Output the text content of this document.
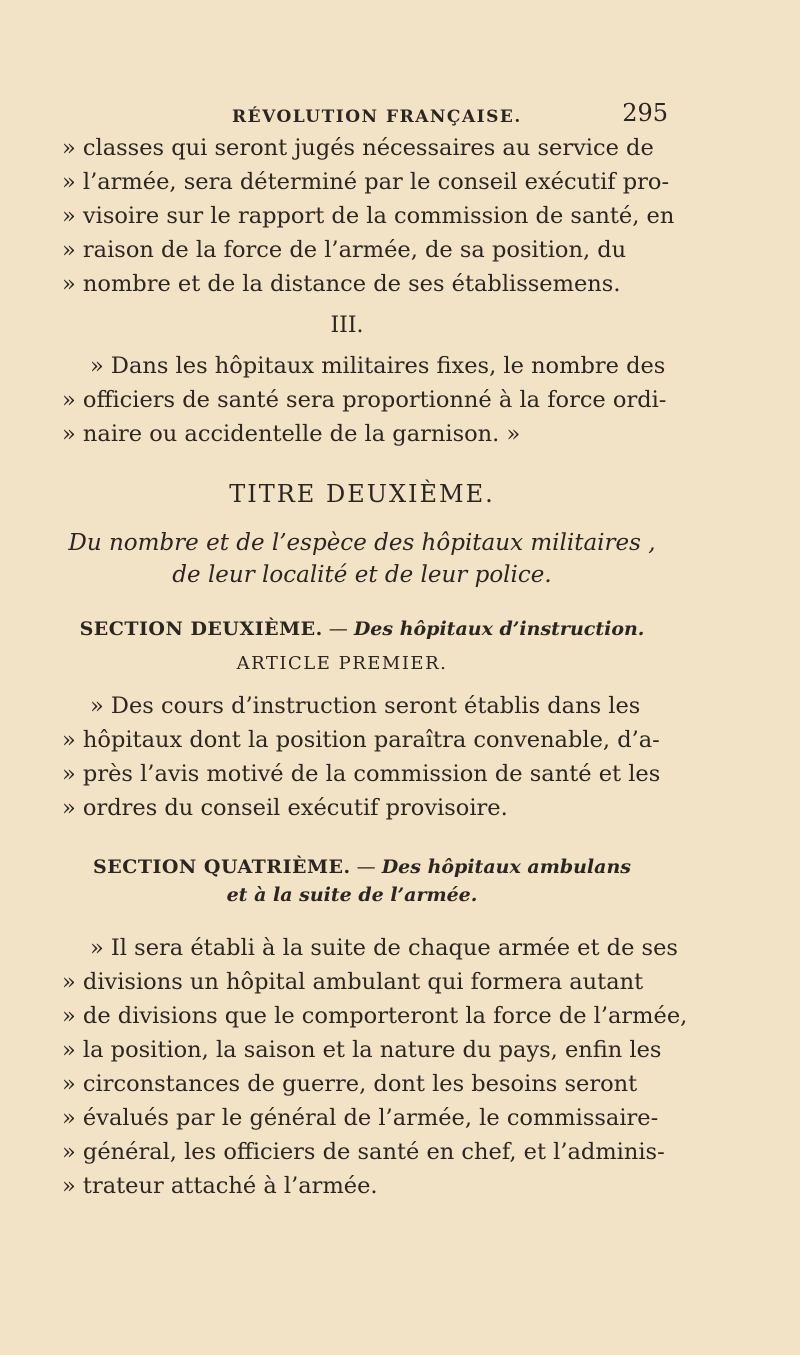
RÉVOLUTION FRANÇAISE.	295
» classes qui seront jugés nécessaires au service de
» l’armée, sera déterminé par le conseil exécutif pro-
» visoire sur le rapport de la commission de santé, en
» raison de la force de l’armée, de sa position, du
» nombre et de la distance de ses établissemens.
III.
» Dans les hôpitaux militaires fixes, le nombre des
» officiers de santé sera proportionné à la force ordi-
» naire ou accidentelle de la garnison. »
TITRE DEUXIÈME.
Du nombre et de l’espèce des hôpitaux militaires ,
de leur localité et de leur police.
SECTION DEUXIÈME. — Des hôpitaux d’instruction.
ARTICLE PREMIER.
» Des cours d’instruction seront établis dans les
» hôpitaux dont la position paraîtra convenable, d’a-
» près l’avis motivé de la commission de santé et les
» ordres du conseil exécutif provisoire.
SECTION QUATRIÈME. — Des hôpitaux ambulans
et à la suite de l’armée.
» Il sera établi à la suite de chaque armée et de ses
» divisions un hôpital ambulant qui formera autant
» de divisions que le comporteront la force de l’armée,
» la position, la saison et la nature du pays, enfin les
» circonstances de guerre, dont les besoins seront
» évalués par le général de l’armée, le commissaire-
» général, les officiers de santé en chef, et l’adminis-
» trateur attaché à l’armée.
